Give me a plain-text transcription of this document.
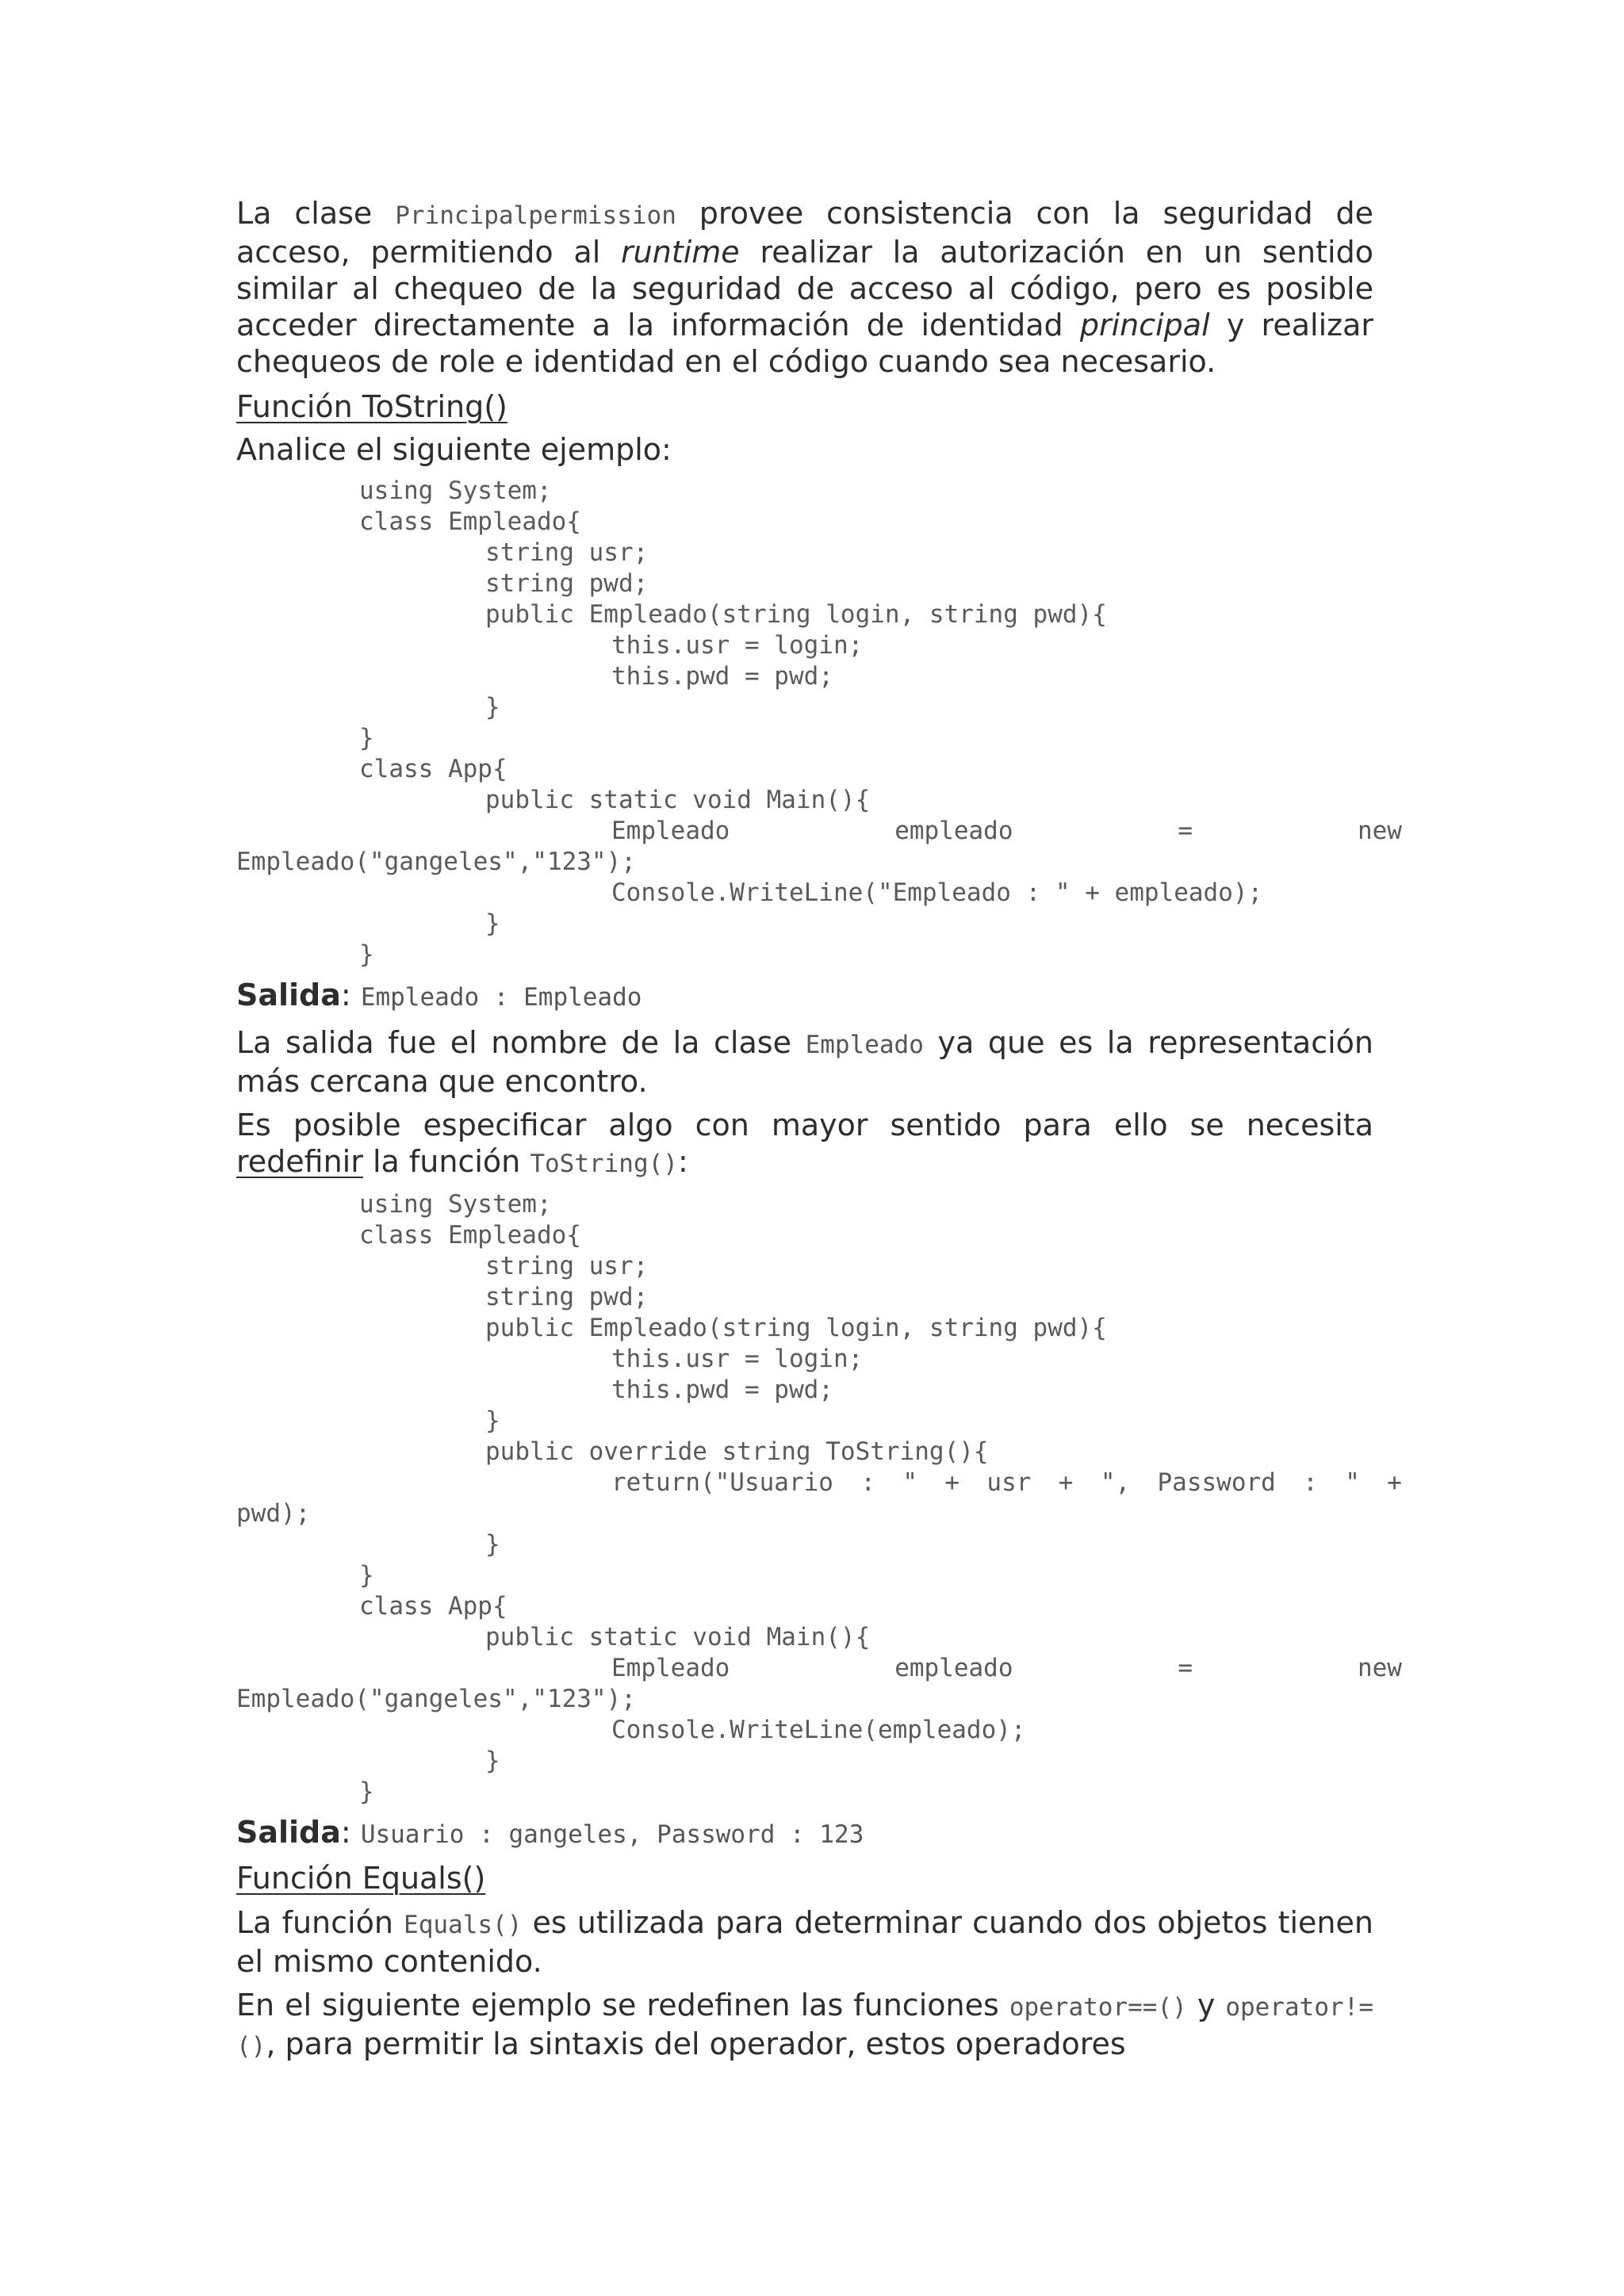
La clase Principalpermission provee consistencia con la seguridad de acceso, permitiendo al runtime realizar la autorización en un sentido similar al chequeo de la seguridad de acceso al código, pero es posible acceder directamente a la información de identidad principal y realizar chequeos de role e identidad en el código cuando sea necesario.

Función ToString()

Analice el siguiente ejemplo:

using System;
class Empleado{
string usr;
string pwd;
public Empleado(string login, string pwd){
this.usr = login;
this.pwd = pwd;
}
}
class App{
public static void Main(){
Empleado	empleado	=	new
Empleado("gangeles","123");
Console.WriteLine("Empleado : " + empleado);
}
}

Salida: Empleado : Empleado

La salida fue el nombre de la clase Empleado ya que es la representación más cercana que encontro.

Es posible especificar algo con mayor sentido para ello se necesita redefinir la función ToString():

using System;
class Empleado{
string usr;
string pwd;
public Empleado(string login, string pwd){
this.usr = login;
this.pwd = pwd;
}
public override string ToString(){
return("Usuario : " + usr + ", Password : " +
pwd);
}
}
class App{
public static void Main(){
Empleado	empleado	=	new
Empleado("gangeles","123");
Console.WriteLine(empleado);
}
}

Salida: Usuario : gangeles, Password : 123

Función Equals()

La función Equals() es utilizada para determinar cuando dos objetos tienen el mismo contenido.

En el siguiente ejemplo se redefinen las funciones operator==() y operator!=(), para permitir la sintaxis del operador, estos operadores
